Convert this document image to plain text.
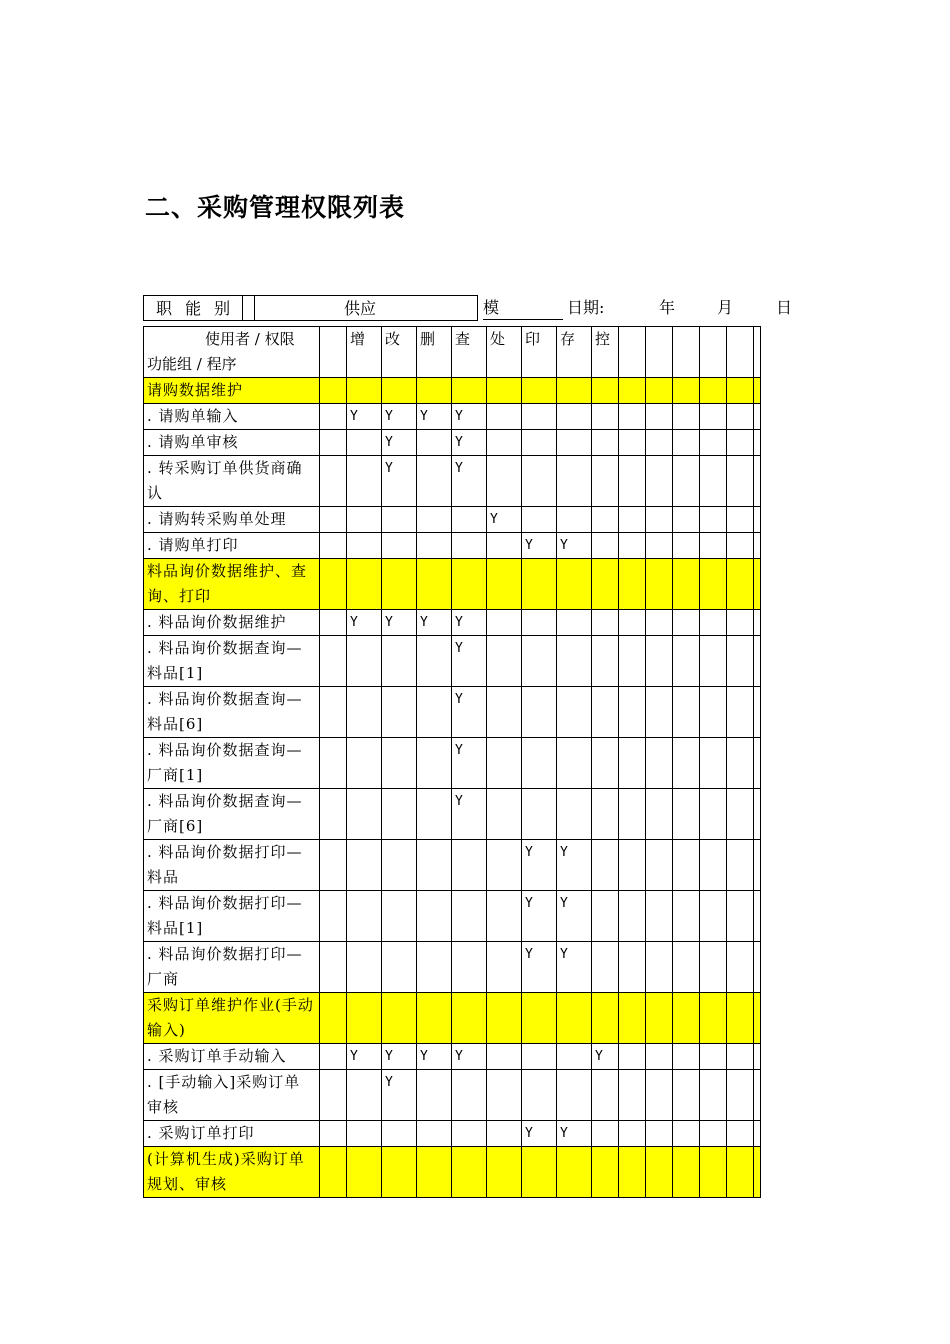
二、采购管理权限列表
职 能 别	供应	模	日期:	年	月	日
使用者 / 权限
功能组 / 程序		增	改	删	查	处	印	存	控						
请购数据维护															
. 请购单输入		Y	Y	Y	Y										
. 请购单审核			Y		Y										
. 转采购订单供货商确认			Y		Y										
. 请购转采购单处理						Y									
. 请购单打印							Y	Y							
料品询价数据维护、查询、打印															
. 料品询价数据维护		Y	Y	Y	Y										
. 料品询价数据查询—料品[1]					Y										
. 料品询价数据查询—料品[6]					Y										
. 料品询价数据查询—厂商[1]					Y										
. 料品询价数据查询—厂商[6]					Y										
. 料品询价数据打印—料品							Y	Y							
. 料品询价数据打印—料品[1]							Y	Y							
. 料品询价数据打印—厂商							Y	Y							
采购订单维护作业(手动输入)															
. 采购订单手动输入		Y	Y	Y	Y				Y						
. [手动输入]采购订单审核			Y												
. 采购订单打印							Y	Y							
(计算机生成)采购订单规划、审核															
